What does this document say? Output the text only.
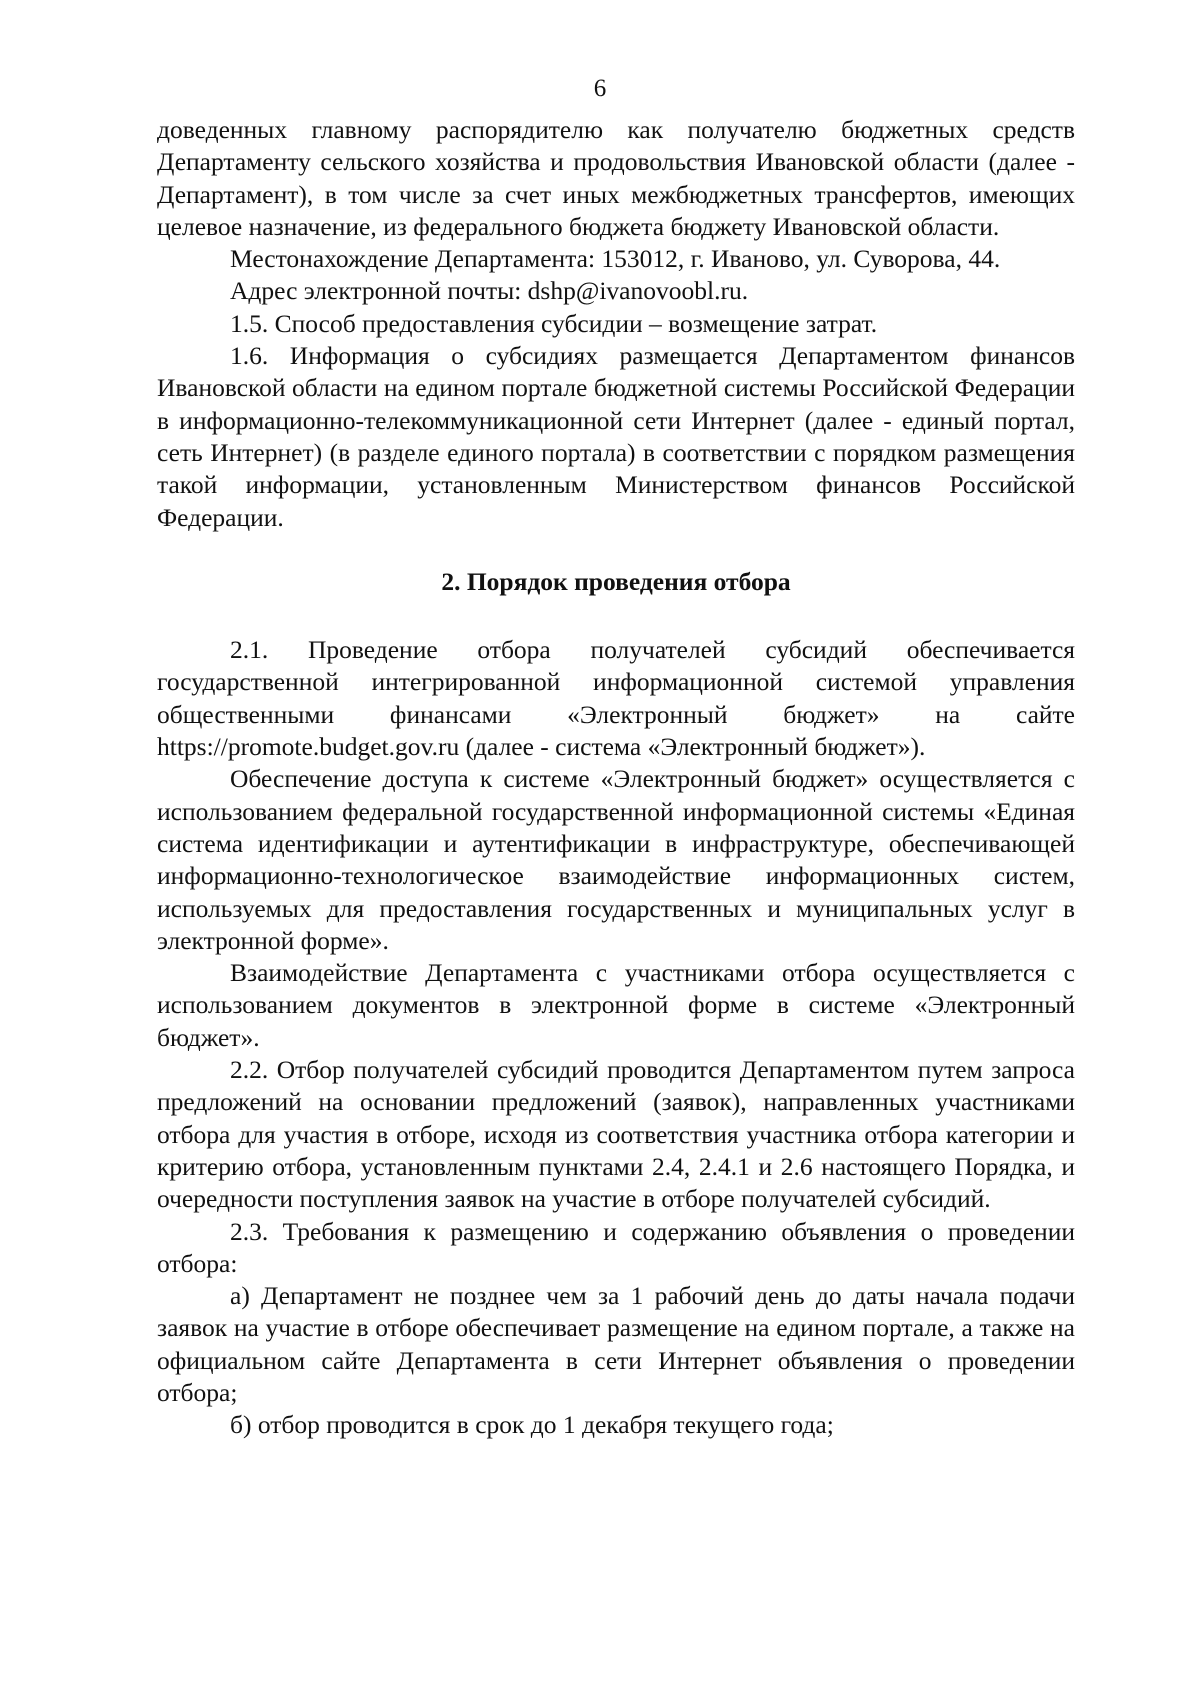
6

доведенных главному распорядителю как получателю бюджетных средств Департаменту сельского хозяйства и продовольствия Ивановской области (далее - Департамент), в том числе за счет иных межбюджетных трансфертов, имеющих целевое назначение, из федерального бюджета бюджету Ивановской области.

Местонахождение Департамента: 153012, г. Иваново, ул. Суворова, 44.

Адрес электронной почты: dshp@ivanovoobl.ru.

1.5. Способ предоставления субсидии – возмещение затрат.

1.6. Информация о субсидиях размещается Департаментом финансов Ивановской области на едином портале бюджетной системы Российской Федерации в информационно-телекоммуникационной сети Интернет (далее - единый портал, сеть Интернет) (в разделе единого портала) в соответствии с порядком размещения такой информации, установленным Министерством финансов Российской Федерации.

2. Порядок проведения отбора

2.1. Проведение отбора получателей субсидий обеспечивается государственной интегрированной информационной системой управления общественными финансами «Электронный бюджет» на сайте https://promote.budget.gov.ru (далее - система «Электронный бюджет»).

Обеспечение доступа к системе «Электронный бюджет» осуществляется с использованием федеральной государственной информационной системы «Единая система идентификации и аутентификации в инфраструктуре, обеспечивающей информационно-технологическое взаимодействие информационных систем, используемых для предоставления государственных и муниципальных услуг в электронной форме».

Взаимодействие Департамента с участниками отбора осуществляется с использованием документов в электронной форме в системе «Электронный бюджет».

2.2. Отбор получателей субсидий проводится Департаментом путем запроса предложений на основании предложений (заявок), направленных участниками отбора для участия в отборе, исходя из соответствия участника отбора категории и критерию отбора, установленным пунктами 2.4, 2.4.1 и 2.6 настоящего Порядка, и очередности поступления заявок на участие в отборе получателей субсидий.

2.3. Требования к размещению и содержанию объявления о проведении отбора:

а) Департамент не позднее чем за 1 рабочий день до даты начала подачи заявок на участие в отборе обеспечивает размещение на едином портале, а также на официальном сайте Департамента в сети Интернет объявления о проведении отбора;

б) отбор проводится в срок до 1 декабря текущего года;
